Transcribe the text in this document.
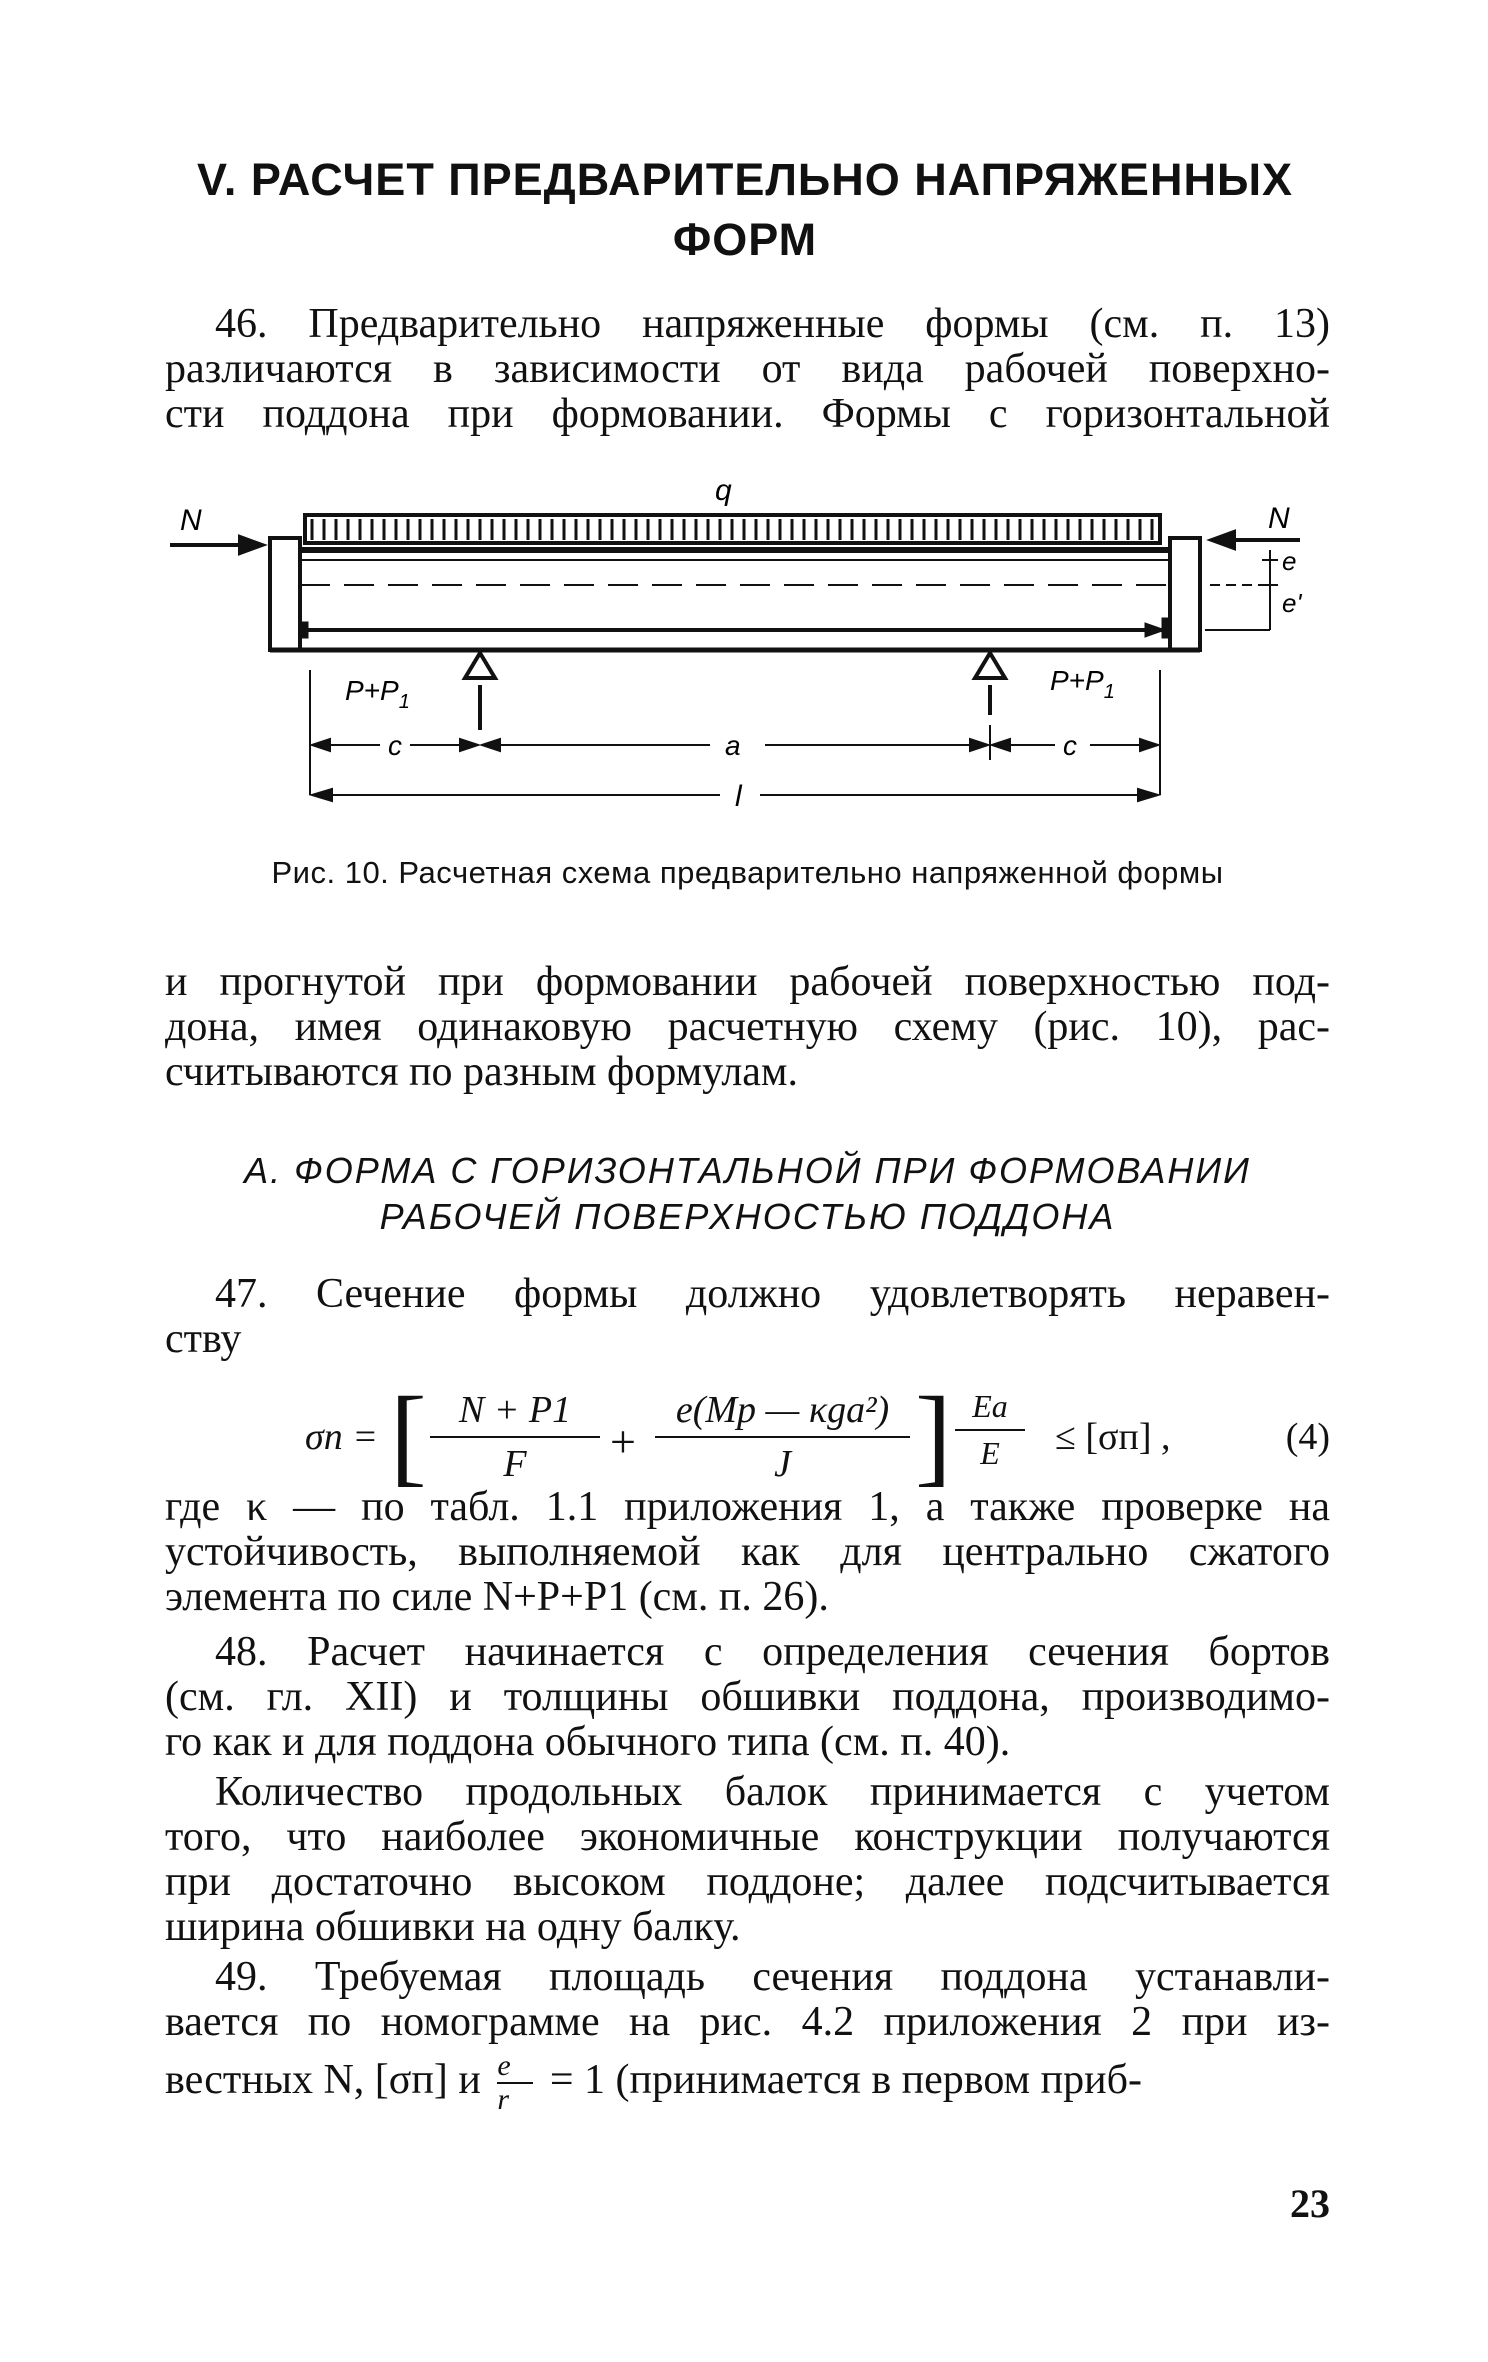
V. РАСЧЕТ ПРЕДВАРИТЕЛЬНО НАПРЯЖЕННЫХ
ФОРМ
46. Предварительно напряженные формы (см. п. 13)
различаются в зависимости от вида рабочей поверхно-
сти поддона при формовании. Формы с горизонтальной
q
N	N
e
e'
$P+P_1$
$P+P_1$
c	a	c
l
Рис. 10. Расчетная схема предварительно напряженной формы
и прогнутой при формовании рабочей поверхностью под-
дона, имея одинаковую расчетную схему (рис. 10), рас-
считываются по разным формулам.
А. ФОРМА С ГОРИЗОНТАЛЬНОЙ ПРИ ФОРМОВАНИИ
РАБОЧЕЙ ПОВЕРХНОСТЬЮ ПОДДОНА
47. Сечение формы должно удовлетворять неравен-
ству
σп = [ $\frac{N + P1}{F}$ +
e(Mр — κga²)
J	] $\frac{Ea}{E} \le [\sigma п]$ ,	(4)
где κ — по табл. 1.1 приложения 1, а также проверке на
устойчивость, выполняемой как для центрально сжатого
элемента по силе N+P+P1 (см. п. 26).
48. Расчет начинается с определения сечения бортов
(см. гл. XII) и толщины обшивки поддона, производимо-
го как и для поддона обычного типа (см. п. 40).
Количество продольных балок принимается с учетом
того, что наиболее экономичные конструкции получаются
при достаточно высоком поддоне; далее подсчитывается
ширина обшивки на одну балку.
49. Требуемая площадь сечения поддона устанавли-
вается по номограмме на рис. 4.2 приложения 2 при из-
вестных N, [σп] и $\frac{e}{r} = 1$ (принимается в первом приб-
23
